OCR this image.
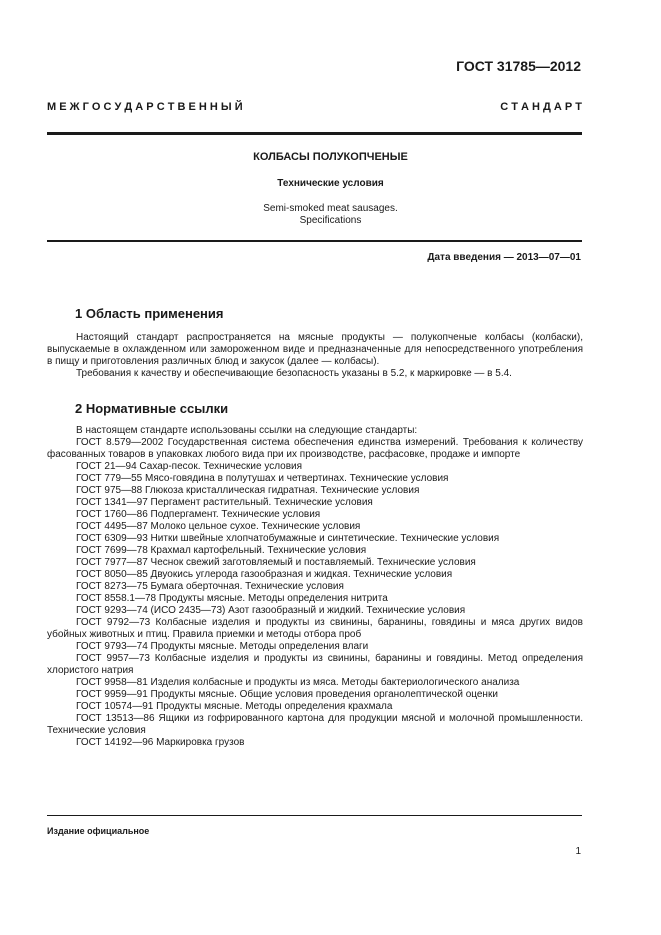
ГОСТ 31785—2012
М Е Ж Г О С У Д А Р С Т В Е Н Н Ы Й	С Т А Н Д А Р Т
КОЛБАСЫ ПОЛУКОПЧЕНЫЕ
Технические условия
Semi-smoked meat sausages.
Specifications
Дата введения — 2013—07—01
1 Область применения

Настоящий стандарт распространяется на мясные продукты — полукопченые колбасы (колбаски), выпускаемые в охлажденном или замороженном виде и предназначенные для непосредственного употребления в пищу и приготовления различных блюд и закусок (далее — колбасы).

Требования к качеству и обеспечивающие безопасность указаны в 5.2, к маркировке — в 5.4.

2 Нормативные ссылки
В настоящем стандарте использованы ссылки на следующие стандарты:
ГОСТ 8.579—2002 Государственная система обеспечения единства измерений. Требования к количеству фасованных товаров в упаковках любого вида при их производстве, расфасовке, продаже и импорте
ГОСТ 21—94 Сахар-песок. Технические условия
ГОСТ 779—55 Мясо-говядина в полутушах и четвертинах. Технические условия
ГОСТ 975—88 Глюкоза кристаллическая гидратная. Технические условия
ГОСТ 1341—97 Пергамент растительный. Технические условия
ГОСТ 1760—86 Подпергамент. Технические условия
ГОСТ 4495—87 Молоко цельное сухое. Технические условия
ГОСТ 6309—93 Нитки швейные хлопчатобумажные и синтетические. Технические условия
ГОСТ 7699—78 Крахмал картофельный. Технические условия
ГОСТ 7977—87 Чеснок свежий заготовляемый и поставляемый. Технические условия
ГОСТ 8050—85 Двуокись углерода газообразная и жидкая. Технические условия
ГОСТ 8273—75 Бумага оберточная. Технические условия
ГОСТ 8558.1—78 Продукты мясные. Методы определения нитрита
ГОСТ 9293—74 (ИСО 2435—73) Азот газообразный и жидкий. Технические условия
ГОСТ 9792—73 Колбасные изделия и продукты из свинины, баранины, говядины и мяса других видов убойных животных и птиц. Правила приемки и методы отбора проб
ГОСТ 9793—74 Продукты мясные. Методы определения влаги
ГОСТ 9957—73 Колбасные изделия и продукты из свинины, баранины и говядины. Метод определения хлористого натрия
ГОСТ 9958—81 Изделия колбасные и продукты из мяса. Методы бактериологического анализа
ГОСТ 9959—91 Продукты мясные. Общие условия проведения органолептической оценки
ГОСТ 10574—91 Продукты мясные. Методы определения крахмала
ГОСТ 13513—86 Ящики из гофрированного картона для продукции мясной и молочной промышленности. Технические условия
ГОСТ 14192—96 Маркировка грузов
Издание официальное
1
